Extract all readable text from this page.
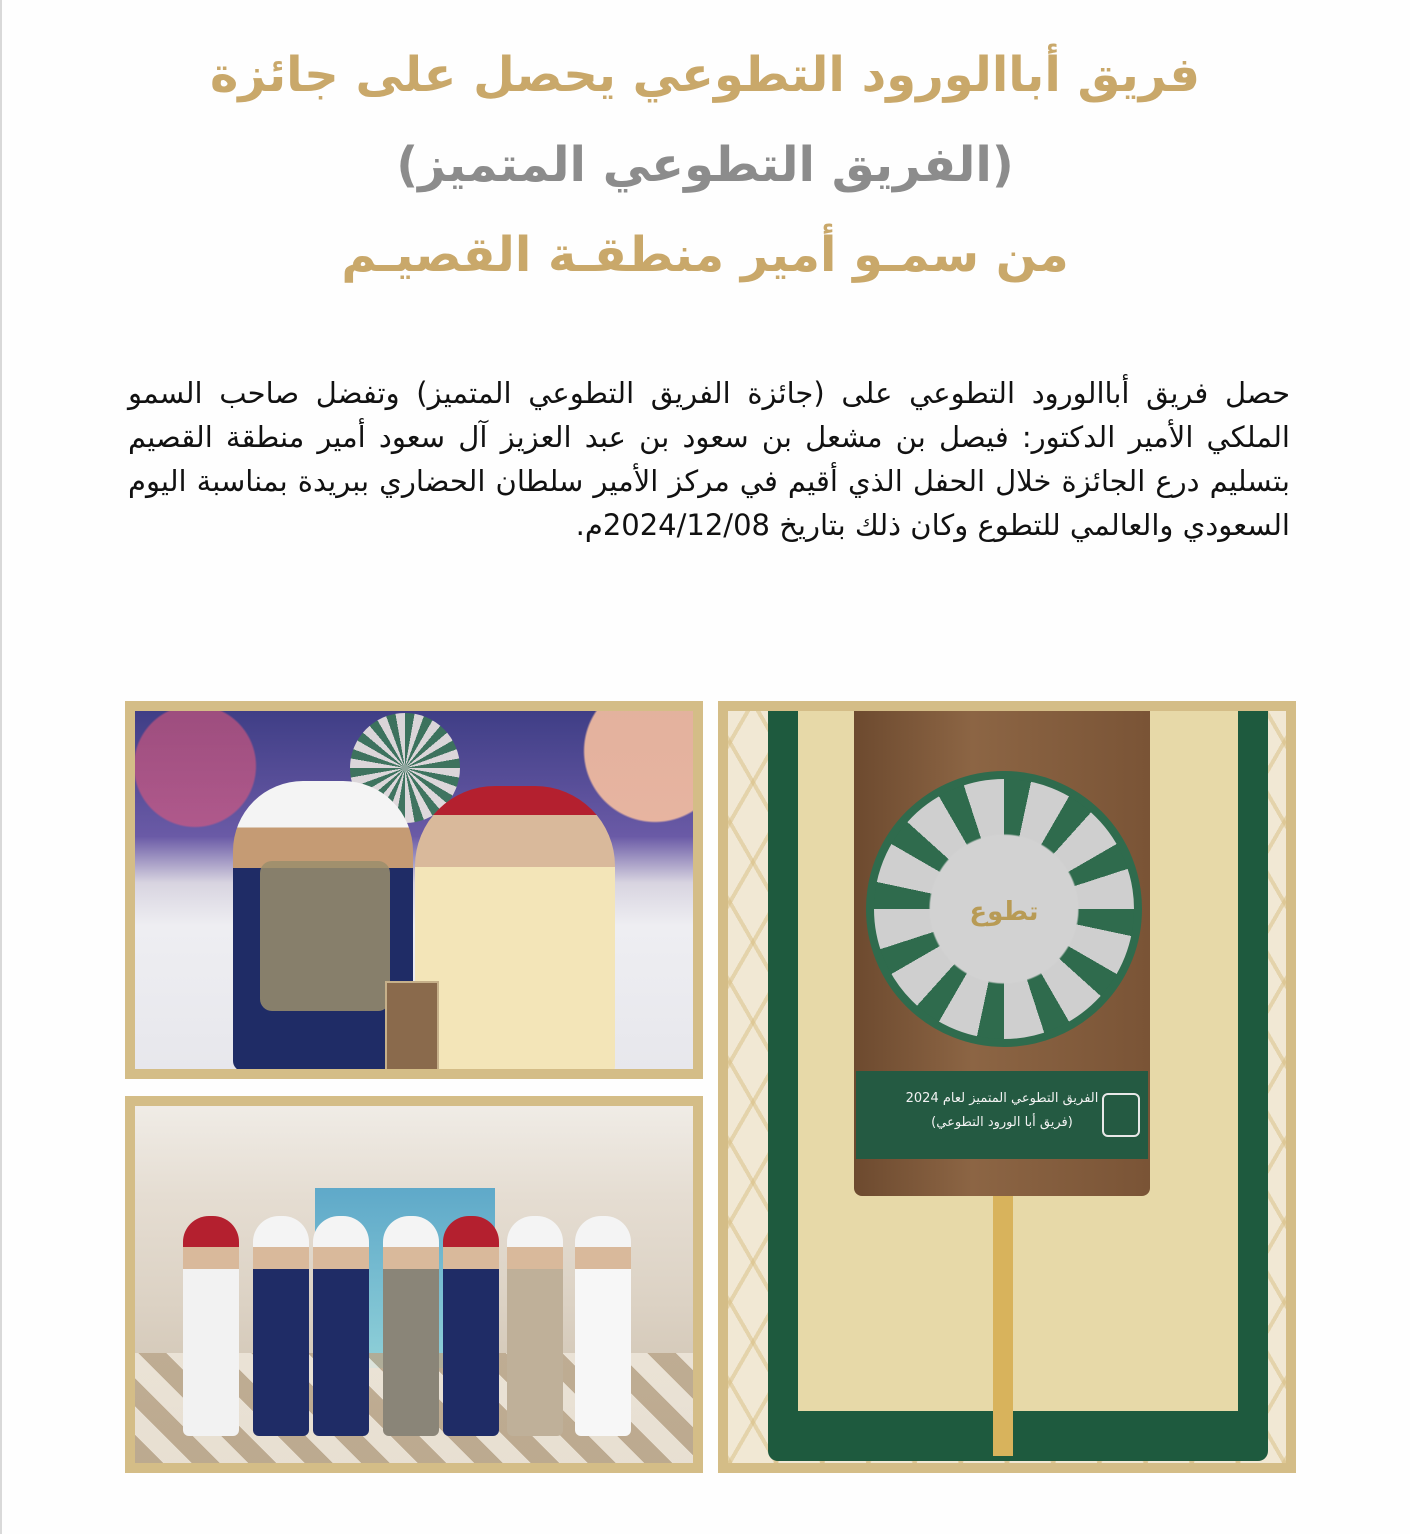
فريق أباالورود التطوعي يحصل على جائزة
(الفريق التطوعي المتميز)
من سمـو أمير منطقـة القصيـم

حصل فريق أباالورود التطوعي على (جائزة الفريق التطوعي المتميز) وتفضل صاحب السمو الملكي الأمير الدكتور: فيصل بن مشعل بن سعود بن عبد العزيز آل سعود أمير منطقة القصيم بتسليم درع الجائزة خلال الحفل الذي أقيم في مركز الأمير سلطان الحضاري ببريدة بمناسبة اليوم السعودي والعالمي للتطوع وكان ذلك بتاريخ 2024/12/08م.

تطوع
الفريق التطوعي المتميز لعام 2024
(فريق أبا الورود التطوعي)
